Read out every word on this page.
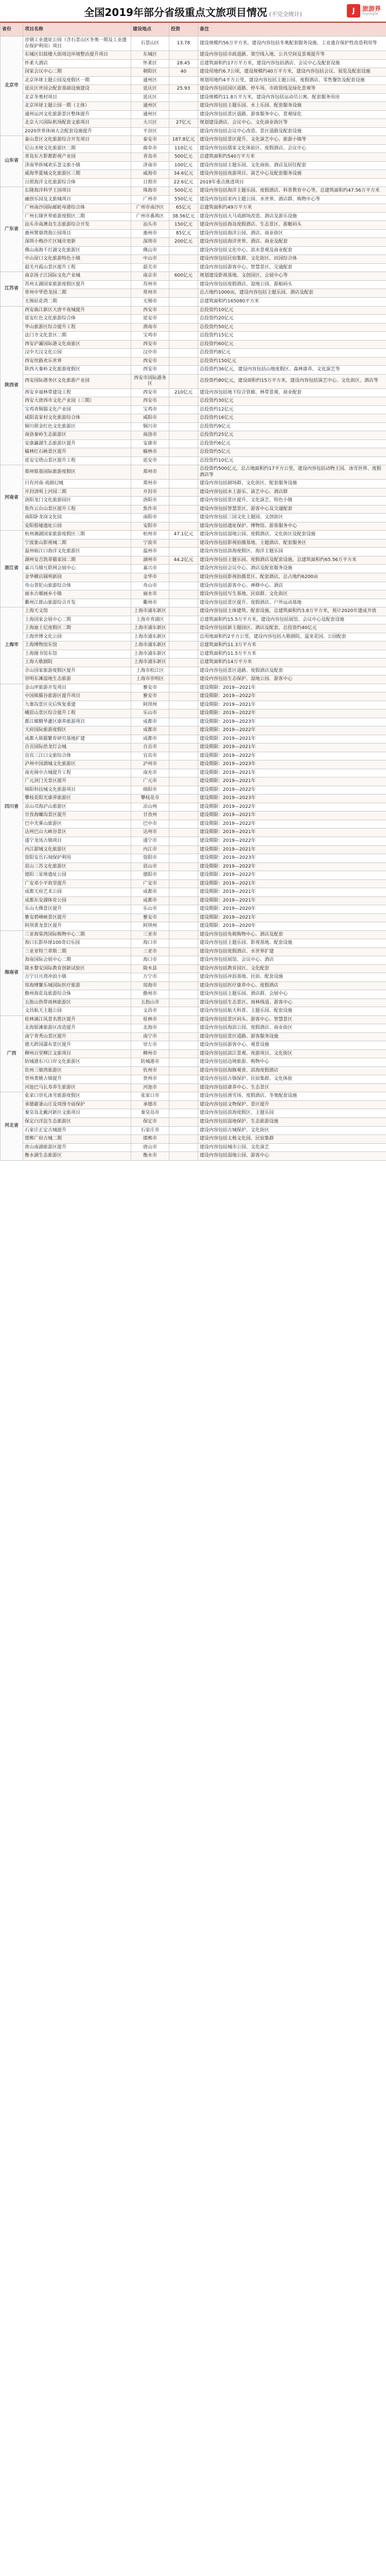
全国2019年部分省级重点文旅项目情况 (不完全统计)	J	旅游界
lvyoujie
省份	项目名称	建设地点	投资	备注
北京市	首钢工业遗址公园（含石景山区冬奥一期及工业遗存保护利用）项目	石景山区	13.78	建设规模约56万平方米，建设内容包括冬奥配套服务设施、工业遗存保护性改造利用等
	东城区旧鼓楼大街周边环境整治提升项目	东城区		建设内容包括市政道路、架空线入地、公共空间及景观提升等
	怀柔大酒店	怀柔区	28.45	总建筑面积约17万平方米，建设内容包括酒店、会议中心及配套设施
	国家会议中心二期	朝阳区	40	建设用地约6.7公顷，建设规模约40万平方米，建设内容包括会议、展览及配套设施
	北京环球主题公园及度假区一期	通州区		规划用地约4平方公里，建设内容包括主题公园、度假酒店、零售餐饮及配套设施
	延庆区世园会配套基础设施建设	延庆区	25.93	建设内容包括园区道路、停车场、市政管线及绿化景观等
	北京冬奥村项目	延庆区		建设规模约11.8万平方米，建设内容包括运动员公寓、配套服务用房
	北京环球主题公园一期（主体）	通州区		建设内容包括主题乐园、水上乐园、配套服务设施
	通州运河文化旅游景区整体提升	通州区		建设内容包括景区道路、游客服务中心、景观绿化
	北京大兴国际机场配套文旅项目	大兴区	27亿元	规划建设酒店、会议中心、文化商业街区等
	2020世界休闲大会配套设施提升	平谷区		建设内容包括会议中心改造、景区道路及配套设施
山东省	泰山景区文化旅游综合开发项目	泰安市	187.8亿元	建设内容包括景区提升、文化演艺中心、旅游小镇等
	尼山圣境文化旅游区二期	曲阜市	110亿元	建设内容包括儒家文化体验区、度假酒店、会议中心
	青岛东方影都影视产业园	青岛市	500亿元	总建筑面积约540万平方米
	济南华侨城欢乐荟文旅小镇	济南市	100亿元	建设内容包括主题乐园、文化商街、酒店及居住配套
	威海华夏城文化旅游区三期	威海市	34.6亿元	建设内容包括夜游项目、演艺中心及配套服务设施
	日照海洋文化旅游综合体	日照市	22.6亿元	2019年重点推进项目
广东省	长隆海洋科学王国项目	珠海市	500亿元	建设内容包括海洋主题乐园、度假酒店、科普教育中心等，总建筑面积约47.56万平方米
	融创乐园及文旅城项目	广州市	550亿元	建设内容包括室内主题公园、水世界、酒店群、购物中心等
	广州南沙国际邮轮母港综合体	广州市南沙区	65亿元	总建筑面积约49万平方米
	广州长隆世界旅游度假区二期	广州市番禺区	38.56亿元	建设内容包括大马戏剧场改造、酒店及游乐设施
	汕头市南澳岛生态旅游综合开发	汕头市	150亿元	建设内容包括海岛度假酒店、生态景区、游艇码头
	惠州巽寮湾海公园项目	惠州市	85亿元	建设内容包括海洋公园、酒店、商业街区
	深圳小梅沙片区城市更新	深圳市	200亿元	建设内容包括海洋世界、酒店、商业及配套
	佛山南海千灯湖文化旅游区	佛山市		建设内容包括文化中心、滨水景观及商业配套
	中山崖口文化旅游特色小镇	中山市		建设内容包括民宿集群、文化街区、田园综合体
	韶关丹霞山景区提升工程	韶关市		建设内容包括游客中心、智慧景区、交通配套
江苏省	南京扬子江国际文化产业城	南京市	600亿元	规划建设影视基地、文创园区、会展中心等
	苏州太湖国家旅游度假区提升	苏州市		建设内容包括度假酒店、湿地公园、游船码头
	常州中华恐龙园二期	常州市		总占地约1000亩，建设内容包括主题乐园、酒店及配套
	无锡拈花湾二期	无锡市		总建筑面积约165080平方米
陕西省	西安曲江新区大唐不夜城提升	西安市		总投资约10亿元
	延安红色文化旅游综合体	延安市		总投资约20亿元
	华山旅游区综合提升工程	渭南市		总投资约50亿元
	法门寺文化景区二期	宝鸡市		总投资约15亿元
	西安浐灞国际港文化商旅区	西安市		总投资约60亿元
	汉中天汉文化公园	汉中市		总投资约8亿元
	西安丝路欢乐世界	西安市		总投资约150亿元
	陕西大秦岭文化旅游度假区	西安市		总投资约36亿元，建设内容包括山地度假区、森林康养、文化演艺等
	西安国际港务区文化旅游产业园	西安市国际港务区		总投资约80亿元，建设面积约15万平方米，建设内容包括演艺中心、文化街区、酒店等
	西安幸福林带建设工程	西安市	210亿元	建设内容包括地下综合管廊、林带景观、商业配套
	西安大唐西市文化产业园（三期）	西安市		总投资约30亿元
	宝鸡青铜器文化产业园	宝鸡市		总投资约12亿元
	咸阳袁家村文化旅游综合体	咸阳市		总投资约16亿元
	铜川照金红色文化旅游区	铜川市		总投资约9亿元
	商洛秦岭生态旅游区	商洛市		总投资约25亿元
	安康瀛湖生态旅游区提升	安康市		总投资约6亿元
	榆林红石峡景区提升	榆林市		总投资约5亿元
	延安宝塔山景区提升工程	延安市		总投资约10亿元
河南省	郑州银基国际旅游度假区	郑州市		总投资约500亿元，总占地面积约17平方公里，建设内容包括动物王国、冰雪世界、度假酒店等
	只有河南·戏剧幻城	郑州市		建设内容包括剧场群、文化街区、配套服务设施
	开封清明上河园二期	开封市		建设内容包括水上游乐、演艺中心、酒店群
	洛阳龙门文化旅游园区	洛阳市		建设内容包括景区提升、文化演艺、特色小镇
	焦作云台山景区提升工程	焦作市		建设内容包括智慧景区、游客中心及交通配套
	南阳卧龙岗文化园	南阳市		建设内容包括三国文化主题园、文创街区
	安阳殷墟遗址公园	安阳市		建设内容包括遗址保护、博物馆、游客服务中心
浙江省	杭州湘湖国家旅游度假区三期	杭州市	47.1亿元	建设内容包括湿地公园、度假酒店、文化街区及配套设施
	宁波象山影视城二期	宁波市		建设内容包括影视拍摄基地、主题酒店、配套服务区
	温州瓯江口海洋文化旅游区	温州市		建设内容包括滨海度假区、海洋主题乐园
	湖州安吉凯蒂猫家园二期	湖州市	44.2亿元	建设内容包括主题乐园、度假酒店及配套设施，总建筑面积约65.56万平方米
	嘉兴乌镇互联网会展中心	嘉兴市		建设内容包括会议中心、酒店及配套服务设施
	金华横店圆明新园	金华市		建设内容包括影视拍摄景区、配套酒店，总占地约6200亩
	舟山普陀山旅游综合体	舟山市		建设内容包括游客中心、禅修中心、酒店
	丽水古堰画乡小镇	丽水市		建设内容包括写生基地、民宿群、文化街区
	衢州江郎山旅游综合开发	衢州市		建设内容包括景区提升、度假酒店、户外运动基地
上海市	上海天文馆	上海市浦东新区		建设内容包括主体建筑、配套设施，总建筑面积约3.8万平方米，预计2020年建成开放
	上海国家会展中心二期	上海市青浦区		总建筑面积约15.5万平方米，建设内容包括展馆、会议中心及配套设施
	上海迪士尼度假区二期	上海市浦东新区		建设内容包括新主题园区、酒店及配套，总投资约40亿元
	上海世博文化公园	上海市浦东新区		总用地面积约2平方公里，建设内容包括大歌剧院、温室花园、公园配套
	上海博物馆东馆	上海市浦东新区		总建筑面积约11.3万平方米
	上海图书馆东馆	上海市浦东新区		总建筑面积约11.5万平方米
	上海大歌剧院	上海市浦东新区		总建筑面积约14万平方米
	佘山国家旅游度假区提升	上海市松江区		建设内容包括景区道路、度假酒店及配套
	崇明东滩湿地生态旅游	上海市崇明区		建设内容包括生态保护、湿地公园、游客中心
四川省	金山坪旅游开发项目	雅安市		建设期限：2019—2021年
	中国熊猫谷旅游区提升项目	雅安市		建设期限：2019—2022年
	九寨沟景区灾后恢复重建	阿坝州		建设期限：2019—2021年
	峨眉山景区综合提升工程	乐山市		建设期限：2019—2022年
	都江堰精华灌区康养旅游项目	成都市		建设期限：2019—2023年
	天府国际旅游度假区	成都市		建设期限：2019—2022年
	成都大熊猫繁育研究基地扩建	成都市		建设期限：2019—2021年
	自贡国际恐龙灯会城	自贡市		建设期限：2019—2021年
	宜宾三江口文旅综合体	宜宾市		建设期限：2019—2022年
	泸州中国酒城文化旅游区	泸州市		建设期限：2019—2023年
	南充阆中古城提升工程	南充市		建设期限：2019—2021年
	广元剑门关景区提升	广元市		建设期限：2019—2021年
	绵阳科技城文化旅游项目	绵阳市		建设期限：2019—2022年
	攀枝花阳光康养旅游区	攀枝花市		建设期限：2019—2023年
	凉山邛海泸山旅游区	凉山州		建设期限：2019—2022年
	甘孜海螺沟景区提升	甘孜州		建设期限：2019—2021年
	巴中光雾山旅游区	巴中市		建设期限：2019—2022年
	达州巴山大峡谷景区	达州市		建设期限：2019—2021年
	遂宁龙凤古镇项目	遂宁市		建设期限：2019—2022年
	内江甜城文化旅游区	内江市		建设期限：2019—2021年
	资阳安岳石刻保护利用	资阳市		建设期限：2019—2023年
	眉山三苏文化旅游区	眉山市		建设期限：2019—2022年
	德阳三星堆遗址公园	德阳市		建设期限：2019—2022年
	广安邓小平故里提升	广安市		建设期限：2019—2021年
	成都天府艺术公园	成都市		建设期限：2019—2021年
	成都东安湖体育公园	成都市		建设期限：2019—2021年
	乐山大佛景区提升	乐山市		建设期限：2019—2020年
	雅安碧峰峡景区提升	雅安市		建设期限：2019—2021年
	阿坝黄龙景区提升	阿坝州		建设期限：2019—2020年
海南省	三亚海棠湾国际购物中心二期	三亚市		建设内容包括免税购物中心、酒店及配套
	海口长影环球100奇幻乐园	海口市		建设内容包括主题乐园、影视基地、配套设施
	三亚亚特兰蒂斯二期	三亚市		建设内容包括度假酒店、水世界扩建
	海南国际会展中心二期	海口市		建设内容包括展馆、会议中心、酒店
	陵水黎安国际教育创新试验区	陵水县		建设内容包括教育园区、文化配套
	万宁日月湾冲浪小镇	万宁市		建设内容包括冲浪基地、民宿、配套设施
	琼海博鳌乐城国际医疗旅游	琼海市		建设内容包括医疗康养中心、度假酒店
	儋州海花岛旅游综合体	儋州市		建设内容包括主题乐园、酒店群、会展中心
	五指山热带雨林旅游区	五指山市		建设内容包括生态景区、雨林栈道、游客中心
	文昌航天主题公园	文昌市		建设内容包括航天科普、主题乐园、配套设施
广西	桂林漓江风景名胜区提升	桂林市		建设内容包括景区码头、游客中心、智慧景区
	北海银滩旅游区改造提升	北海市		建设内容包括海滨公园、度假酒店、商业街区
	南宁青秀山景区提升	南宁市		建设内容包括景区道路、游客服务设施
	德天跨国瀑布景区提升	崇左市		建设内容包括游客中心、观景设施
	柳州百里柳江文旅项目	柳州市		建设内容包括滨江景观、夜游项目、文化街区
	防城港东兴口岸文化旅游区	防城港市		建设内容包括边境旅游、购物中心
	钦州三娘湾旅游区	钦州市		建设内容包括海豚观赏、滨海度假酒店
	贺州黄姚古镇提升	贺州市		建设内容包括古镇保护、民宿集群、文化体验
	河池巴马长寿养生旅游区	河池市		建设内容包括康养中心、生态景区
河北省	张家口崇礼冰雪旅游度假区	张家口市		建设内容包括滑雪场、度假酒店、冬奥配套设施
	承德避暑山庄及周围寺庙保护	承德市		建设内容包括文物保护、景区提升
	秦皇岛北戴河新区文旅项目	秦皇岛市		建设内容包括滨海度假区、主题乐园
	保定白洋淀生态旅游区	保定市		建设内容包括湿地保护、生态旅游设施
	石家庄正定古城提升	石家庄市		建设内容包括古城保护、文化街区
	邯郸广府古城二期	邯郸市		建设内容包括太极文化园、民宿集群
	唐山南湖旅游区提升	唐山市		建设内容包括城市公园、文化演艺
	衡水湖生态旅游区	衡水市		建设内容包括湿地公园、游客中心
